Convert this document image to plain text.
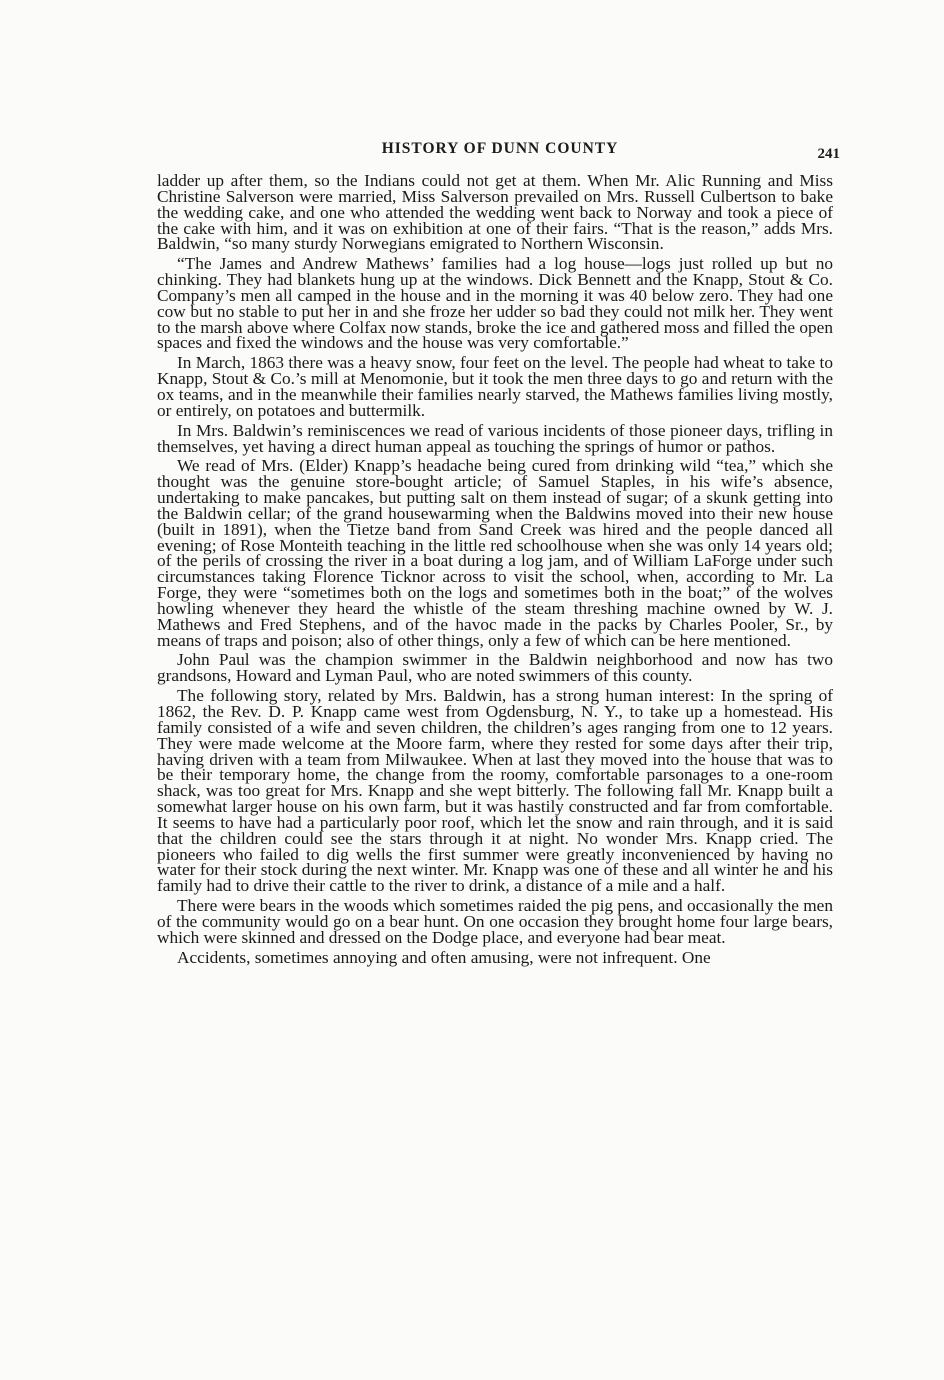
HISTORY OF DUNN COUNTY	241

ladder up after them, so the Indians could not get at them. When Mr. Alic Running and Miss Christine Salverson were married, Miss Salverson prevailed on Mrs. Russell Culbertson to bake the wedding cake, and one who attended the wedding went back to Norway and took a piece of the cake with him, and it was on exhibition at one of their fairs. “That is the reason,” adds Mrs. Baldwin, “so many sturdy Norwegians emigrated to Northern Wisconsin.

“The James and Andrew Mathews’ families had a log house—logs just rolled up but no chinking. They had blankets hung up at the windows. Dick Bennett and the Knapp, Stout & Co. Company’s men all camped in the house and in the morning it was 40 below zero. They had one cow but no stable to put her in and she froze her udder so bad they could not milk her. They went to the marsh above where Colfax now stands, broke the ice and gathered moss and filled the open spaces and fixed the windows and the house was very comfortable.”

In March, 1863 there was a heavy snow, four feet on the level. The people had wheat to take to Knapp, Stout & Co.’s mill at Menomonie, but it took the men three days to go and return with the ox teams, and in the meanwhile their families nearly starved, the Mathews families living mostly, or entirely, on potatoes and buttermilk.

In Mrs. Baldwin’s reminiscences we read of various incidents of those pioneer days, trifling in themselves, yet having a direct human appeal as touching the springs of humor or pathos.

We read of Mrs. (Elder) Knapp’s headache being cured from drinking wild “tea,” which she thought was the genuine store-bought article; of Samuel Staples, in his wife’s absence, undertaking to make pancakes, but putting salt on them instead of sugar; of a skunk getting into the Baldwin cellar; of the grand housewarming when the Baldwins moved into their new house (built in 1891), when the Tietze band from Sand Creek was hired and the people danced all evening; of Rose Monteith teaching in the little red schoolhouse when she was only 14 years old; of the perils of crossing the river in a boat during a log jam, and of William LaForge under such circumstances taking Florence Ticknor across to visit the school, when, according to Mr. La Forge, they were “sometimes both on the logs and sometimes both in the boat;” of the wolves howling whenever they heard the whistle of the steam threshing machine owned by W. J. Mathews and Fred Stephens, and of the havoc made in the packs by Charles Pooler, Sr., by means of traps and poison; also of other things, only a few of which can be here mentioned.

John Paul was the champion swimmer in the Baldwin neighborhood and now has two grandsons, Howard and Lyman Paul, who are noted swimmers of this county.

The following story, related by Mrs. Baldwin, has a strong human interest: In the spring of 1862, the Rev. D. P. Knapp came west from Ogdensburg, N. Y., to take up a homestead. His family consisted of a wife and seven children, the children’s ages ranging from one to 12 years. They were made welcome at the Moore farm, where they rested for some days after their trip, having driven with a team from Milwaukee. When at last they moved into the house that was to be their temporary home, the change from the roomy, comfortable parsonages to a one-room shack, was too great for Mrs. Knapp and she wept bitterly. The following fall Mr. Knapp built a somewhat larger house on his own farm, but it was hastily constructed and far from comfortable. It seems to have had a particularly poor roof, which let the snow and rain through, and it is said that the children could see the stars through it at night. No wonder Mrs. Knapp cried. The pioneers who failed to dig wells the first summer were greatly inconvenienced by having no water for their stock during the next winter. Mr. Knapp was one of these and all winter he and his family had to drive their cattle to the river to drink, a distance of a mile and a half.

There were bears in the woods which sometimes raided the pig pens, and occasionally the men of the community would go on a bear hunt. On one occasion they brought home four large bears, which were skinned and dressed on the Dodge place, and everyone had bear meat.

Accidents, sometimes annoying and often amusing, were not infrequent. One
